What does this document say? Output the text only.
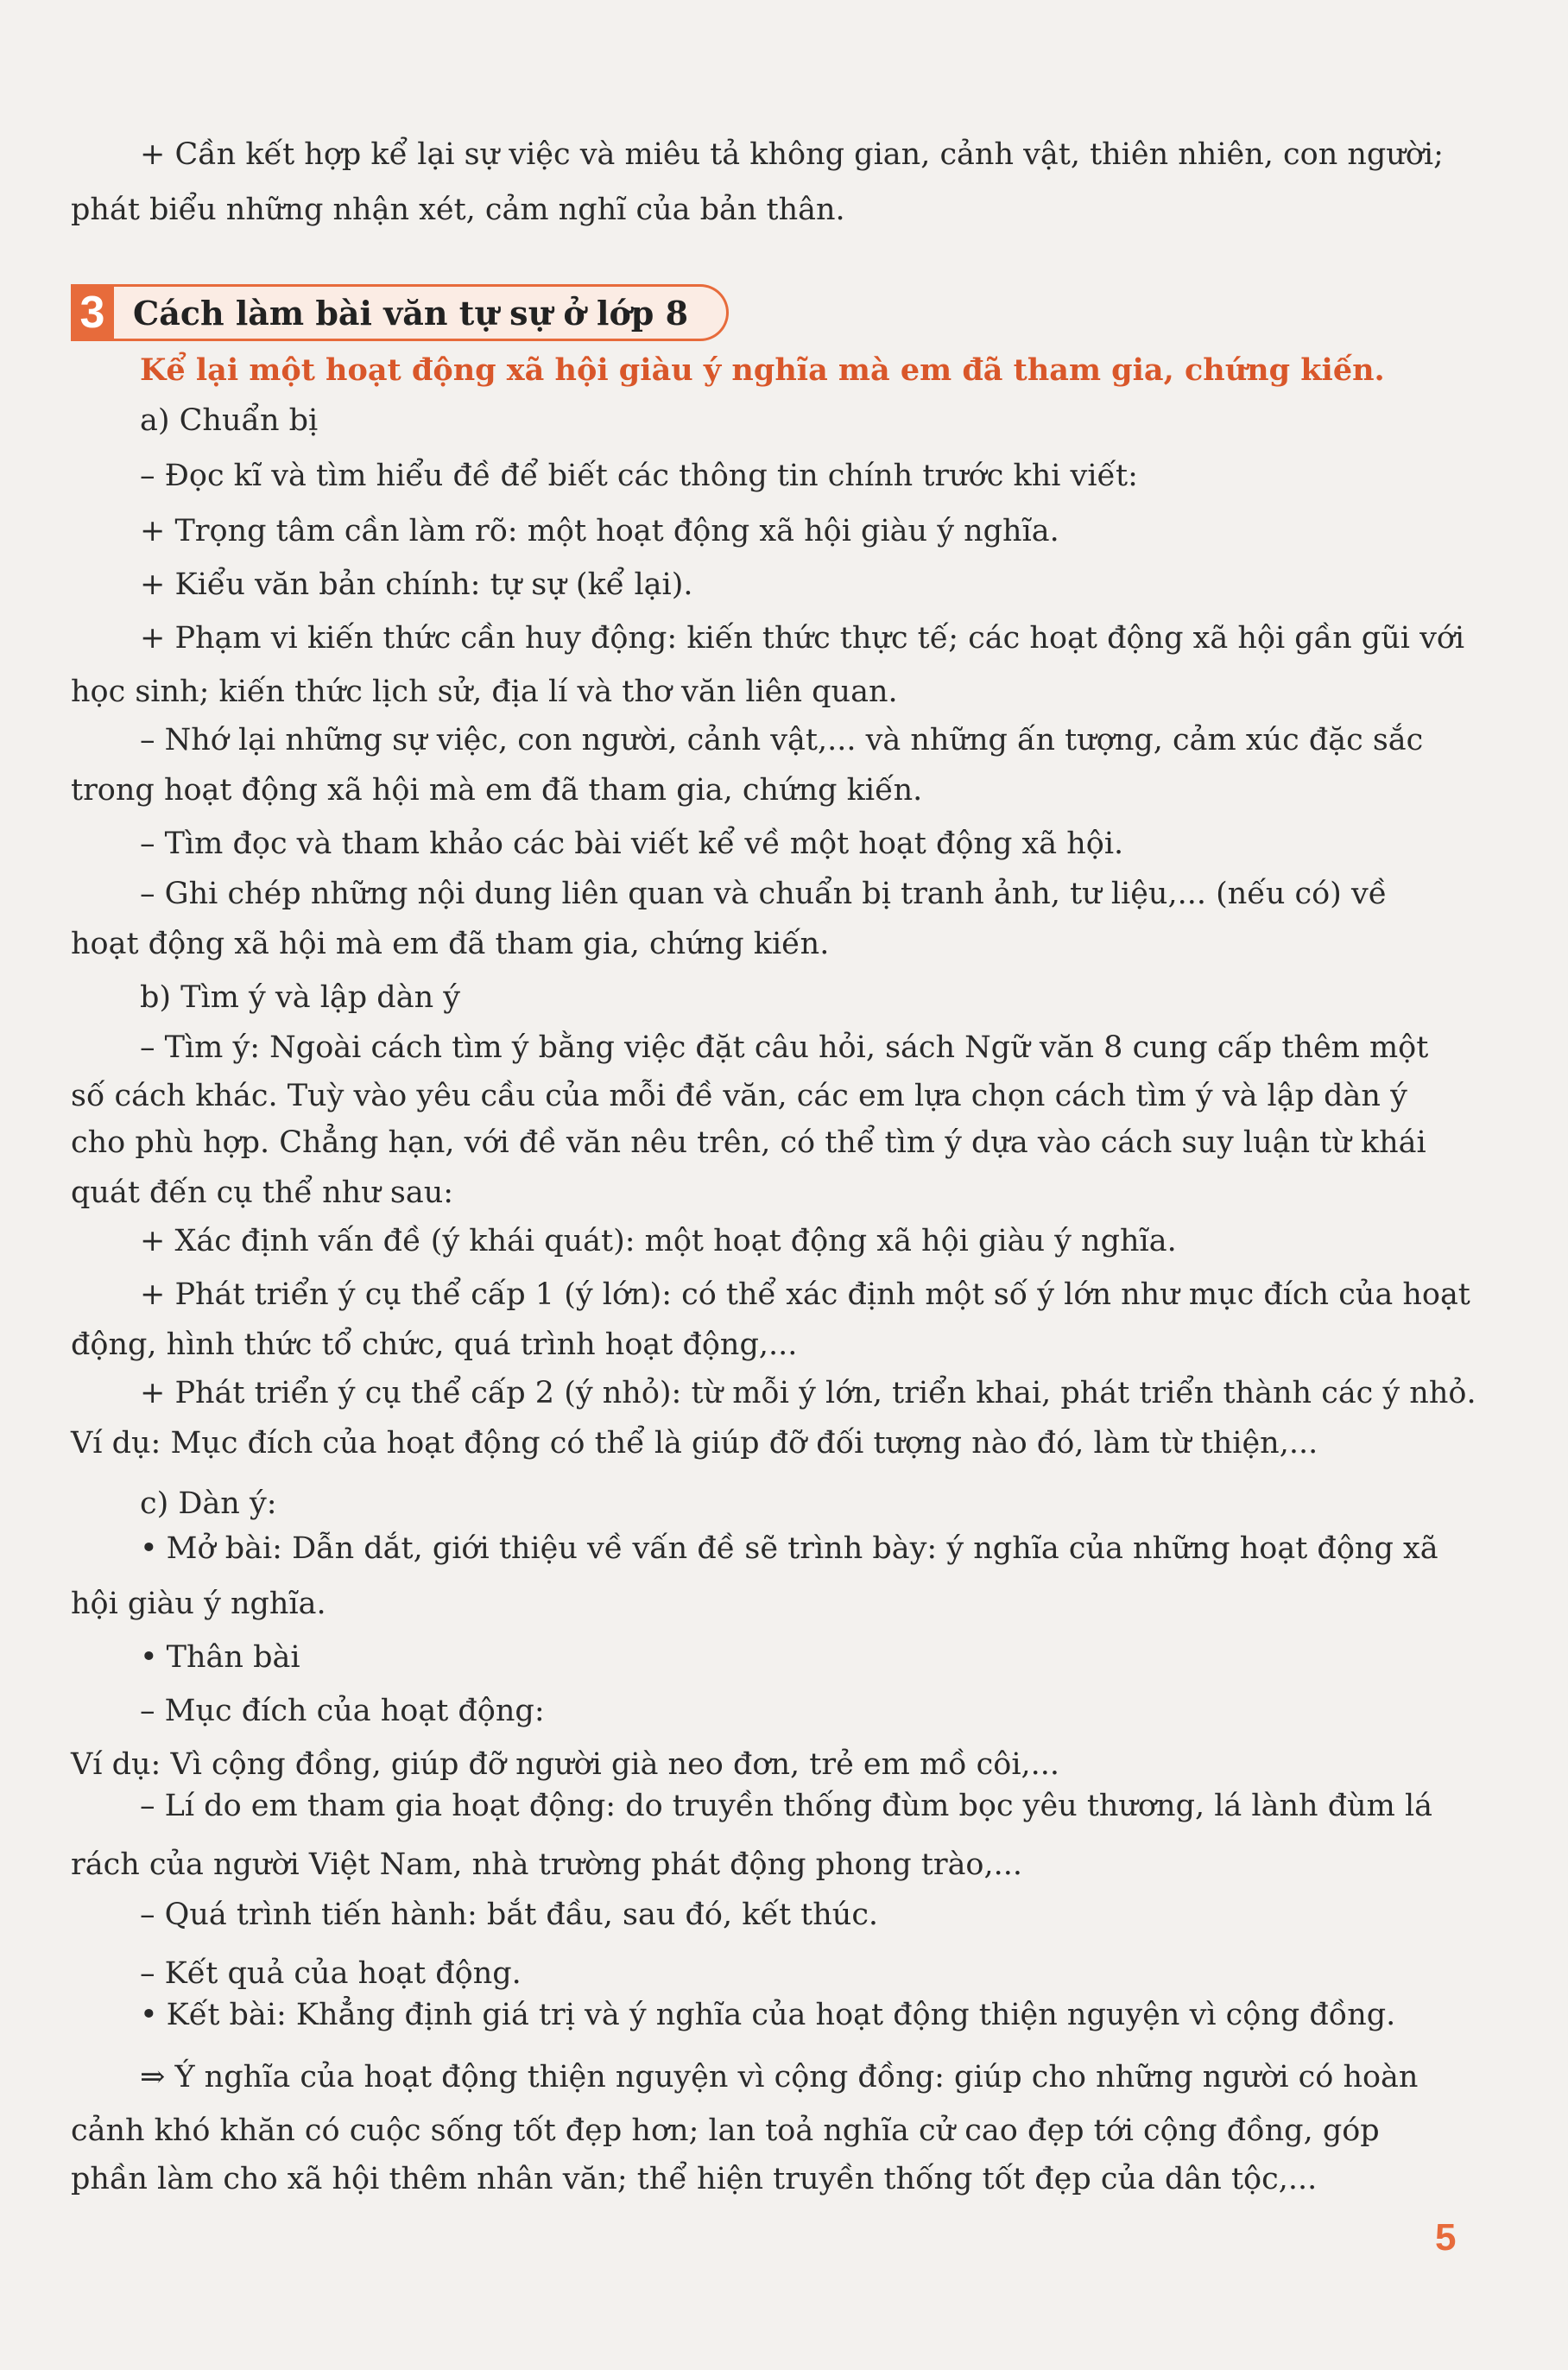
+ Cần kết hợp kể lại sự việc và miêu tả không gian, cảnh vật, thiên nhiên, con người;
phát biểu những nhận xét, cảm nghĩ của bản thân.
3 Cách làm bài văn tự sự ở lớp 8
Kể lại một hoạt động xã hội giàu ý nghĩa mà em đã tham gia, chứng kiến.
a) Chuẩn bị
– Đọc kĩ và tìm hiểu đề để biết các thông tin chính trước khi viết:
+ Trọng tâm cần làm rõ: một hoạt động xã hội giàu ý nghĩa.
+ Kiểu văn bản chính: tự sự (kể lại).
+ Phạm vi kiến thức cần huy động: kiến thức thực tế; các hoạt động xã hội gần gũi với
học sinh; kiến thức lịch sử, địa lí và thơ văn liên quan.
– Nhớ lại những sự việc, con người, cảnh vật,... và những ấn tượng, cảm xúc đặc sắc
trong hoạt động xã hội mà em đã tham gia, chứng kiến.
– Tìm đọc và tham khảo các bài viết kể về một hoạt động xã hội.
– Ghi chép những nội dung liên quan và chuẩn bị tranh ảnh, tư liệu,... (nếu có) về
hoạt động xã hội mà em đã tham gia, chứng kiến.
b) Tìm ý và lập dàn ý
– Tìm ý: Ngoài cách tìm ý bằng việc đặt câu hỏi, sách Ngữ văn 8 cung cấp thêm một
số cách khác. Tuỳ vào yêu cầu của mỗi đề văn, các em lựa chọn cách tìm ý và lập dàn ý
cho phù hợp. Chẳng hạn, với đề văn nêu trên, có thể tìm ý dựa vào cách suy luận từ khái
quát đến cụ thể như sau:
+ Xác định vấn đề (ý khái quát): một hoạt động xã hội giàu ý nghĩa.
+ Phát triển ý cụ thể cấp 1 (ý lớn): có thể xác định một số ý lớn như mục đích của hoạt
động, hình thức tổ chức, quá trình hoạt động,...
+ Phát triển ý cụ thể cấp 2 (ý nhỏ): từ mỗi ý lớn, triển khai, phát triển thành các ý nhỏ.
Ví dụ: Mục đích của hoạt động có thể là giúp đỡ đối tượng nào đó, làm từ thiện,...
c) Dàn ý:
• Mở bài: Dẫn dắt, giới thiệu về vấn đề sẽ trình bày: ý nghĩa của những hoạt động xã
hội giàu ý nghĩa.
• Thân bài
– Mục đích của hoạt động:
Ví dụ: Vì cộng đồng, giúp đỡ người già neo đơn, trẻ em mồ côi,...
– Lí do em tham gia hoạt động: do truyền thống đùm bọc yêu thương, lá lành đùm lá
rách của người Việt Nam, nhà trường phát động phong trào,...
– Quá trình tiến hành: bắt đầu, sau đó, kết thúc.
– Kết quả của hoạt động.
• Kết bài: Khẳng định giá trị và ý nghĩa của hoạt động thiện nguyện vì cộng đồng.
⇒ Ý nghĩa của hoạt động thiện nguyện vì cộng đồng: giúp cho những người có hoàn
cảnh khó khăn có cuộc sống tốt đẹp hơn; lan toả nghĩa cử cao đẹp tới cộng đồng, góp
phần làm cho xã hội thêm nhân văn; thể hiện truyền thống tốt đẹp của dân tộc,...
5
